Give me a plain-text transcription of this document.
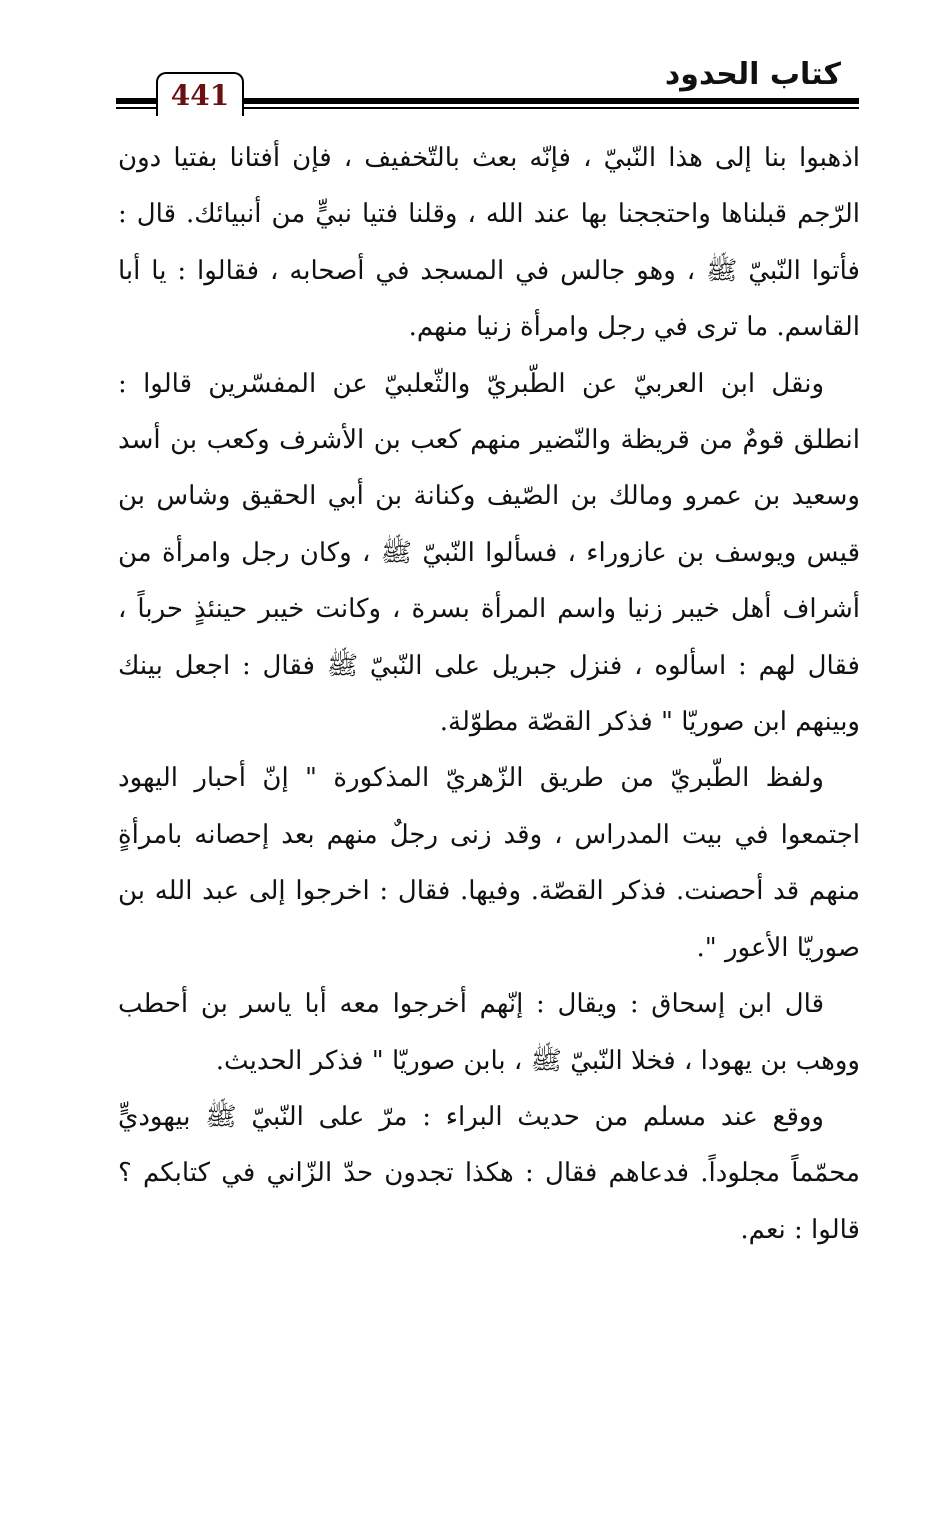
كتاب الحدود
441

اذهبوا بنا إلى هذا النّبيّ ، فإنّه بعث بالتّخفيف ، فإن أفتانا بفتيا دون الرّجم قبلناها واحتججنا بها عند الله ، وقلنا فتيا نبيٍّ من أنبيائك. قال : فأتوا النّبيّ ﷺ ، وهو جالس في المسجد في أصحابه ، فقالوا : يا أبا القاسم. ما ترى في رجل وامرأة زنيا منهم.

ونقل ابن العربيّ عن الطّبريّ والثّعلبيّ عن المفسّرين قالوا : انطلق قومٌ من قريظة والنّضير منهم كعب بن الأشرف وكعب بن أسد وسعيد بن عمرو ومالك بن الصّيف وكنانة بن أبي الحقيق وشاس بن قيس ويوسف بن عازوراء ، فسألوا النّبيّ ﷺ ، وكان رجل وامرأة من أشراف أهل خيبر زنيا واسم المرأة بسرة ، وكانت خيبر حينئذٍ حرباً ، فقال لهم : اسألوه ، فنزل جبريل على النّبيّ ﷺ فقال : اجعل بينك وبينهم ابن صوريّا " فذكر القصّة مطوّلة.

ولفظ الطّبريّ من طريق الزّهريّ المذكورة " إنّ أحبار اليهود اجتمعوا في بيت المدراس ، وقد زنى رجلٌ منهم بعد إحصانه بامرأةٍ منهم قد أحصنت. فذكر القصّة. وفيها. فقال : اخرجوا إلى عبد الله بن صوريّا الأعور ".

قال ابن إسحاق : ويقال : إنّهم أخرجوا معه أبا ياسر بن أحطب ووهب بن يهودا ، فخلا النّبيّ ﷺ ، بابن صوريّا " فذكر الحديث.

ووقع عند مسلم من حديث البراء : مرّ على النّبيّ ﷺ بيهوديٍّ محمّماً مجلوداً. فدعاهم فقال : هكذا تجدون حدّ الزّاني في كتابكم ؟ قالوا : نعم.
